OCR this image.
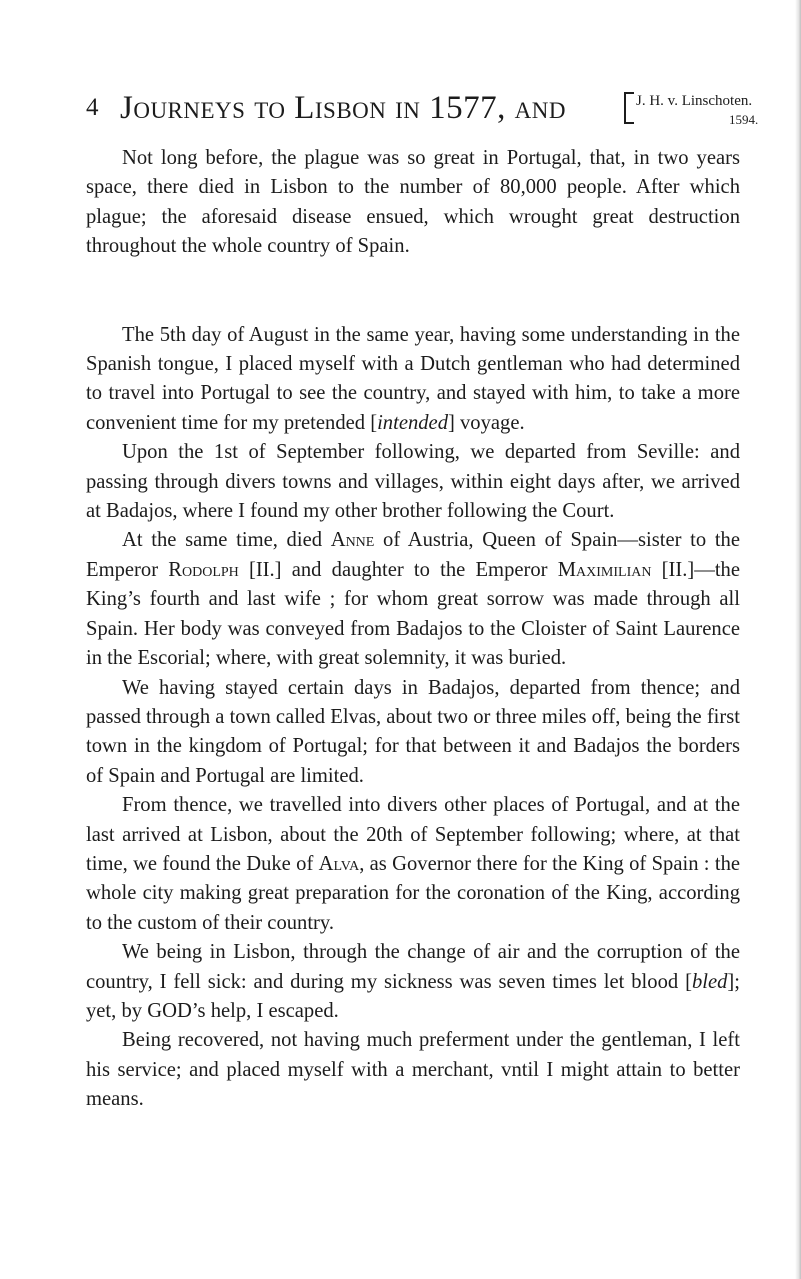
4 Journeys to Lisbon in 1577, and	J. H. v. Linschoten.
1594.

Not long before, the plague was so great in Portugal, that, in two years space, there died in Lisbon to the number of 80,000 people. After which plague; the aforesaid disease ensued, which wrought great destruction throughout the whole country of Spain.

The 5th day of August in the same year, having some understanding in the Spanish tongue, I placed myself with a Dutch gentleman who had determined to travel into Portugal to see the country, and stayed with him, to take a more convenient time for my pretended [intended] voyage.

Upon the 1st of September following, we departed from Seville: and passing through divers towns and villages, within eight days after, we arrived at Badajos, where I found my other brother following the Court.

At the same time, died Anne of Austria, Queen of Spain—sister to the Emperor Rodolph [II.] and daughter to the Emperor Maximilian [II.]—the King’s fourth and last wife ; for whom great sorrow was made through all Spain. Her body was conveyed from Badajos to the Cloister of Saint Laurence in the Escorial; where, with great solemnity, it was buried.

We having stayed certain days in Badajos, departed from thence; and passed through a town called Elvas, about two or three miles off, being the first town in the kingdom of Portugal; for that between it and Badajos the borders of Spain and Portugal are limited.

From thence, we travelled into divers other places of Portugal, and at the last arrived at Lisbon, about the 20th of September following; where, at that time, we found the Duke of Alva, as Governor there for the King of Spain : the whole city making great preparation for the coronation of the King, according to the custom of their country.

We being in Lisbon, through the change of air and the corruption of the country, I fell sick: and during my sickness was seven times let blood [bled]; yet, by GOD’s help, I escaped.

Being recovered, not having much preferment under the gentleman, I left his service; and placed myself with a merchant, vntil I might attain to better means.
